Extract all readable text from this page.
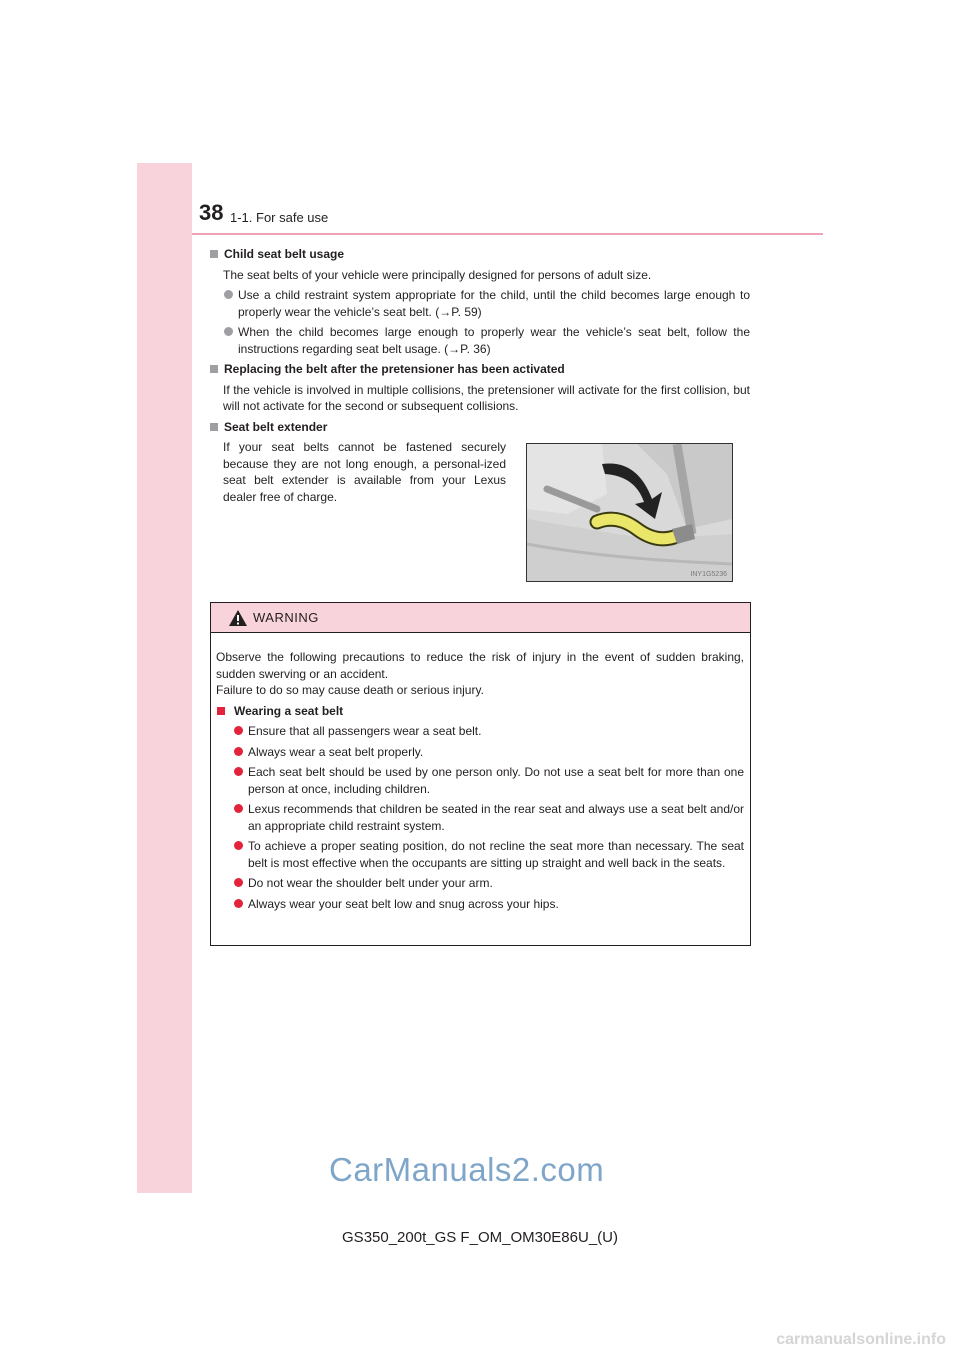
38 1-1. For safe use
Child seat belt usage
The seat belts of your vehicle were principally designed for persons of adult size.
Use a child restraint system appropriate for the child, until the child becomes large enough to properly wear the vehicle’s seat belt. (→P. 59)
When the child becomes large enough to properly wear the vehicle’s seat belt, follow the instructions regarding seat belt usage. (→P. 36)
Replacing the belt after the pretensioner has been activated
If the vehicle is involved in multiple collisions, the pretensioner will activate for the first collision, but will not activate for the second or subsequent collisions.
Seat belt extender
If your seat belts cannot be fastened securely because they are not long enough, a personal-ized seat belt extender is available from your Lexus dealer free of charge.
INY1G5236
WARNING
Observe the following precautions to reduce the risk of injury in the event of sudden braking, sudden swerving or an accident.
Failure to do so may cause death or serious injury.
Wearing a seat belt
Ensure that all passengers wear a seat belt.
Always wear a seat belt properly.
Each seat belt should be used by one person only. Do not use a seat belt for more than one person at once, including children.
Lexus recommends that children be seated in the rear seat and always use a seat belt and/or an appropriate child restraint system.
To achieve a proper seating position, do not recline the seat more than necessary. The seat belt is most effective when the occupants are sitting up straight and well back in the seats.
Do not wear the shoulder belt under your arm.
Always wear your seat belt low and snug across your hips.
CarManuals2.com
GS350_200t_GS F_OM_OM30E86U_(U)
carmanualsonline.info
